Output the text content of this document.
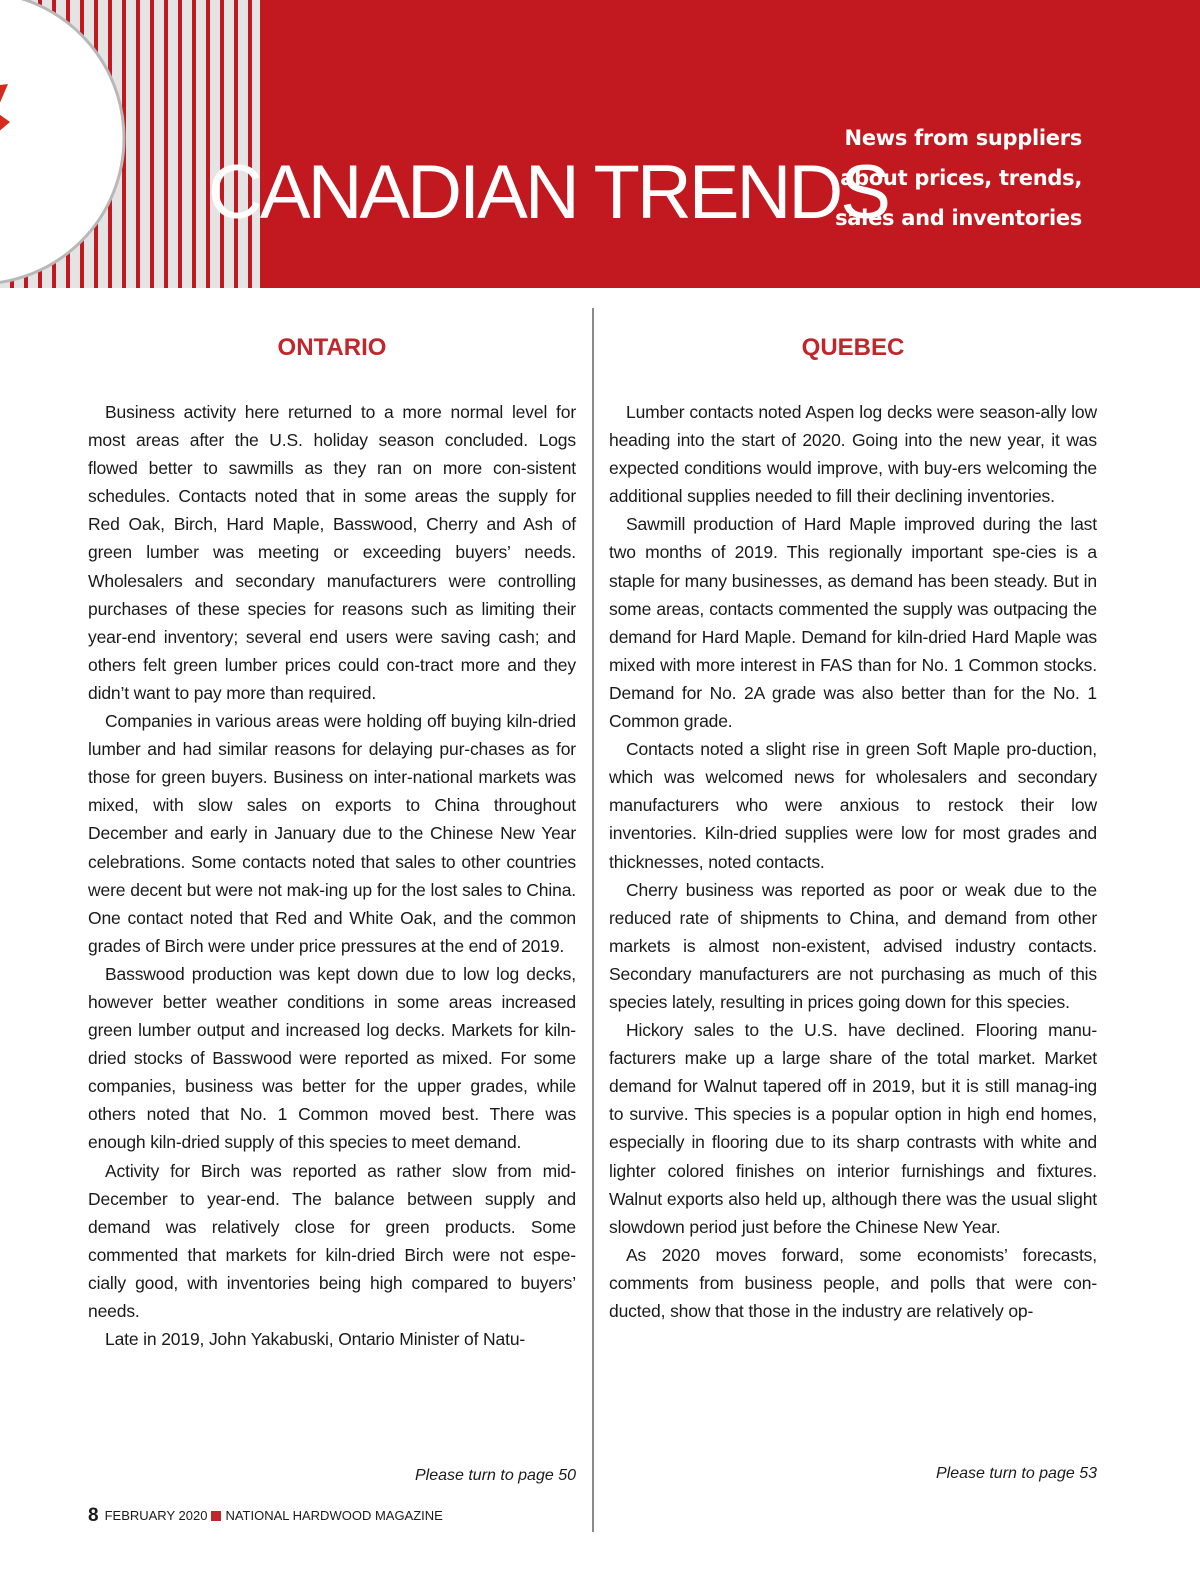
CANADIAN TRENDS
News from suppliers
about prices, trends,
sales and inventories
ONTARIO

Business activity here returned to a more normal level for most areas after the U.S. holiday season concluded. Logs flowed better to sawmills as they ran on more con-sistent schedules. Contacts noted that in some areas the supply for Red Oak, Birch, Hard Maple, Basswood, Cherry and Ash of green lumber was meeting or exceeding buyers’ needs. Wholesalers and secondary manufacturers were controlling purchases of these species for reasons such as limiting their year-end inventory; several end users were saving cash; and others felt green lumber prices could con-tract more and they didn’t want to pay more than required.

Companies in various areas were holding off buying kiln-dried lumber and had similar reasons for delaying pur-chases as for those for green buyers. Business on inter-national markets was mixed, with slow sales on exports to China throughout December and early in January due to the Chinese New Year celebrations. Some contacts noted that sales to other countries were decent but were not mak-ing up for the lost sales to China. One contact noted that Red and White Oak, and the common grades of Birch were under price pressures at the end of 2019.

Basswood production was kept down due to low log decks, however better weather conditions in some areas increased green lumber output and increased log decks. Markets for kiln-dried stocks of Basswood were reported as mixed. For some companies, business was better for the upper grades, while others noted that No. 1 Common moved best. There was enough kiln-dried supply of this species to meet demand.

Activity for Birch was reported as rather slow from mid-December to year-end. The balance between supply and demand was relatively close for green products. Some commented that markets for kiln-dried Birch were not espe-cially good, with inventories being high compared to buyers’ needs.

Late in 2019, John Yakabuski, Ontario Minister of Natu-

QUEBEC

Lumber contacts noted Aspen log decks were season-ally low heading into the start of 2020. Going into the new year, it was expected conditions would improve, with buy-ers welcoming the additional supplies needed to fill their declining inventories.

Sawmill production of Hard Maple improved during the last two months of 2019. This regionally important spe-cies is a staple for many businesses, as demand has been steady. But in some areas, contacts commented the supply was outpacing the demand for Hard Maple. Demand for kiln-dried Hard Maple was mixed with more interest in FAS than for No. 1 Common stocks. Demand for No. 2A grade was also better than for the No. 1 Common grade.

Contacts noted a slight rise in green Soft Maple pro-duction, which was welcomed news for wholesalers and secondary manufacturers who were anxious to restock their low inventories. Kiln-dried supplies were low for most grades and thicknesses, noted contacts.

Cherry business was reported as poor or weak due to the reduced rate of shipments to China, and demand from other markets is almost non-existent, advised industry contacts. Secondary manufacturers are not purchasing as much of this species lately, resulting in prices going down for this species.

Hickory sales to the U.S. have declined. Flooring manu-facturers make up a large share of the total market. Market demand for Walnut tapered off in 2019, but it is still manag-ing to survive. This species is a popular option in high end homes, especially in flooring due to its sharp contrasts with white and lighter colored finishes on interior furnishings and fixtures. Walnut exports also held up, although there was the usual slight slowdown period just before the Chinese New Year.

As 2020 moves forward, some economists’ forecasts, comments from business people, and polls that were con-ducted, show that those in the industry are relatively op-

Please turn to page 50	Please turn to page 53
8 FEBRUARY 2020 NATIONAL HARDWOOD MAGAZINE
